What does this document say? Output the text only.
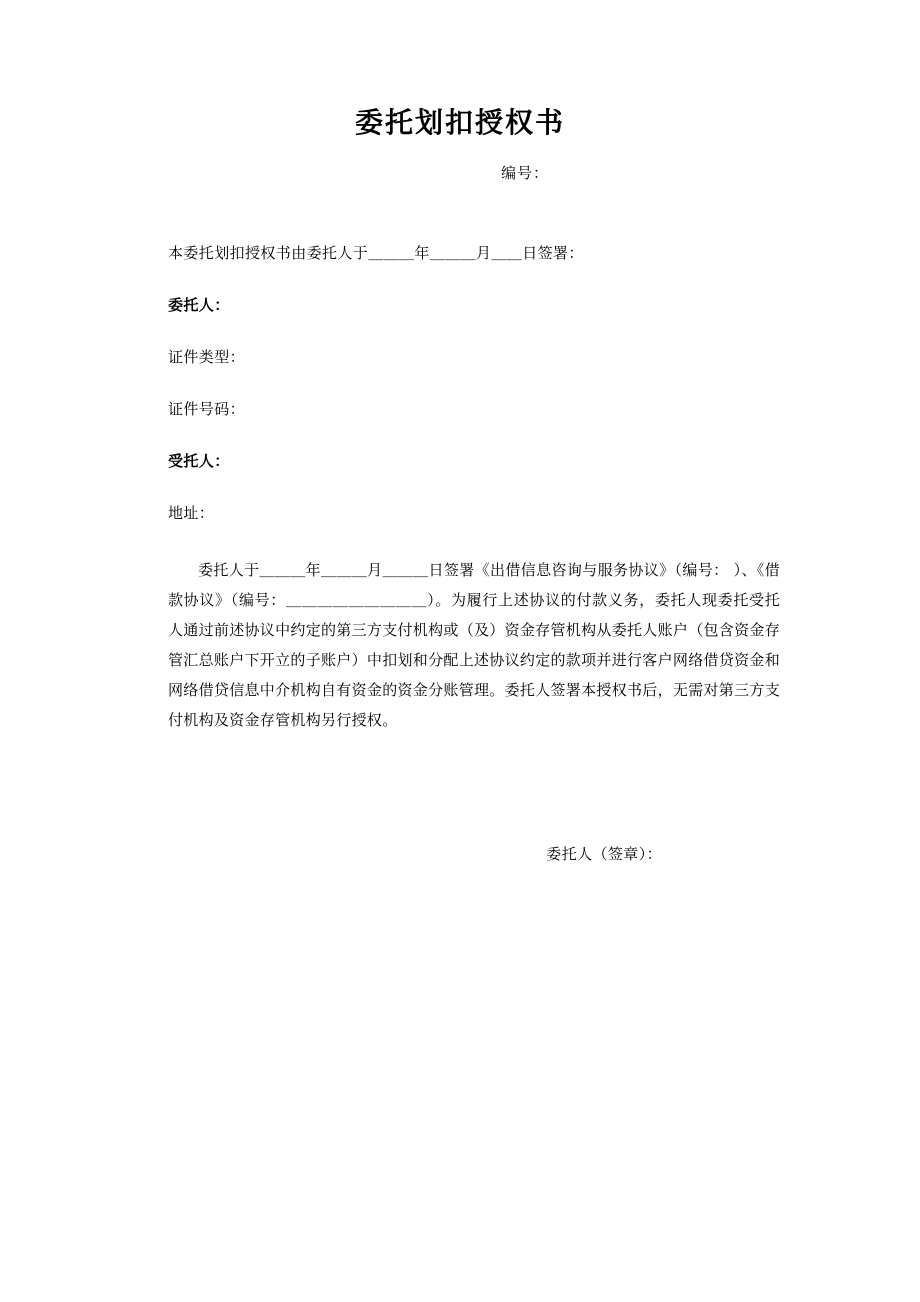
委托划扣授权书
编号：
本委托划扣授权书由委托人于＿＿＿年＿＿＿月＿＿日签署：
委托人：
证件类型：
证件号码：
受托人：
地址：
委托人于＿＿＿年＿＿＿月＿＿＿日签署《出借信息咨询与服务协议》（编号： ）、《借款协议》（编号：＿＿＿＿＿＿＿＿＿）。为履行上述协议的付款义务，委托人现委托受托人通过前述协议中约定的第三方支付机构或（及）资金存管机构从委托人账户（包含资金存管汇总账户下开立的子账户）中扣划和分配上述协议约定的款项并进行客户网络借贷资金和网络借贷信息中介机构自有资金的资金分账管理。委托人签署本授权书后，无需对第三方支付机构及资金存管机构另行授权。
委托人（签章）：
